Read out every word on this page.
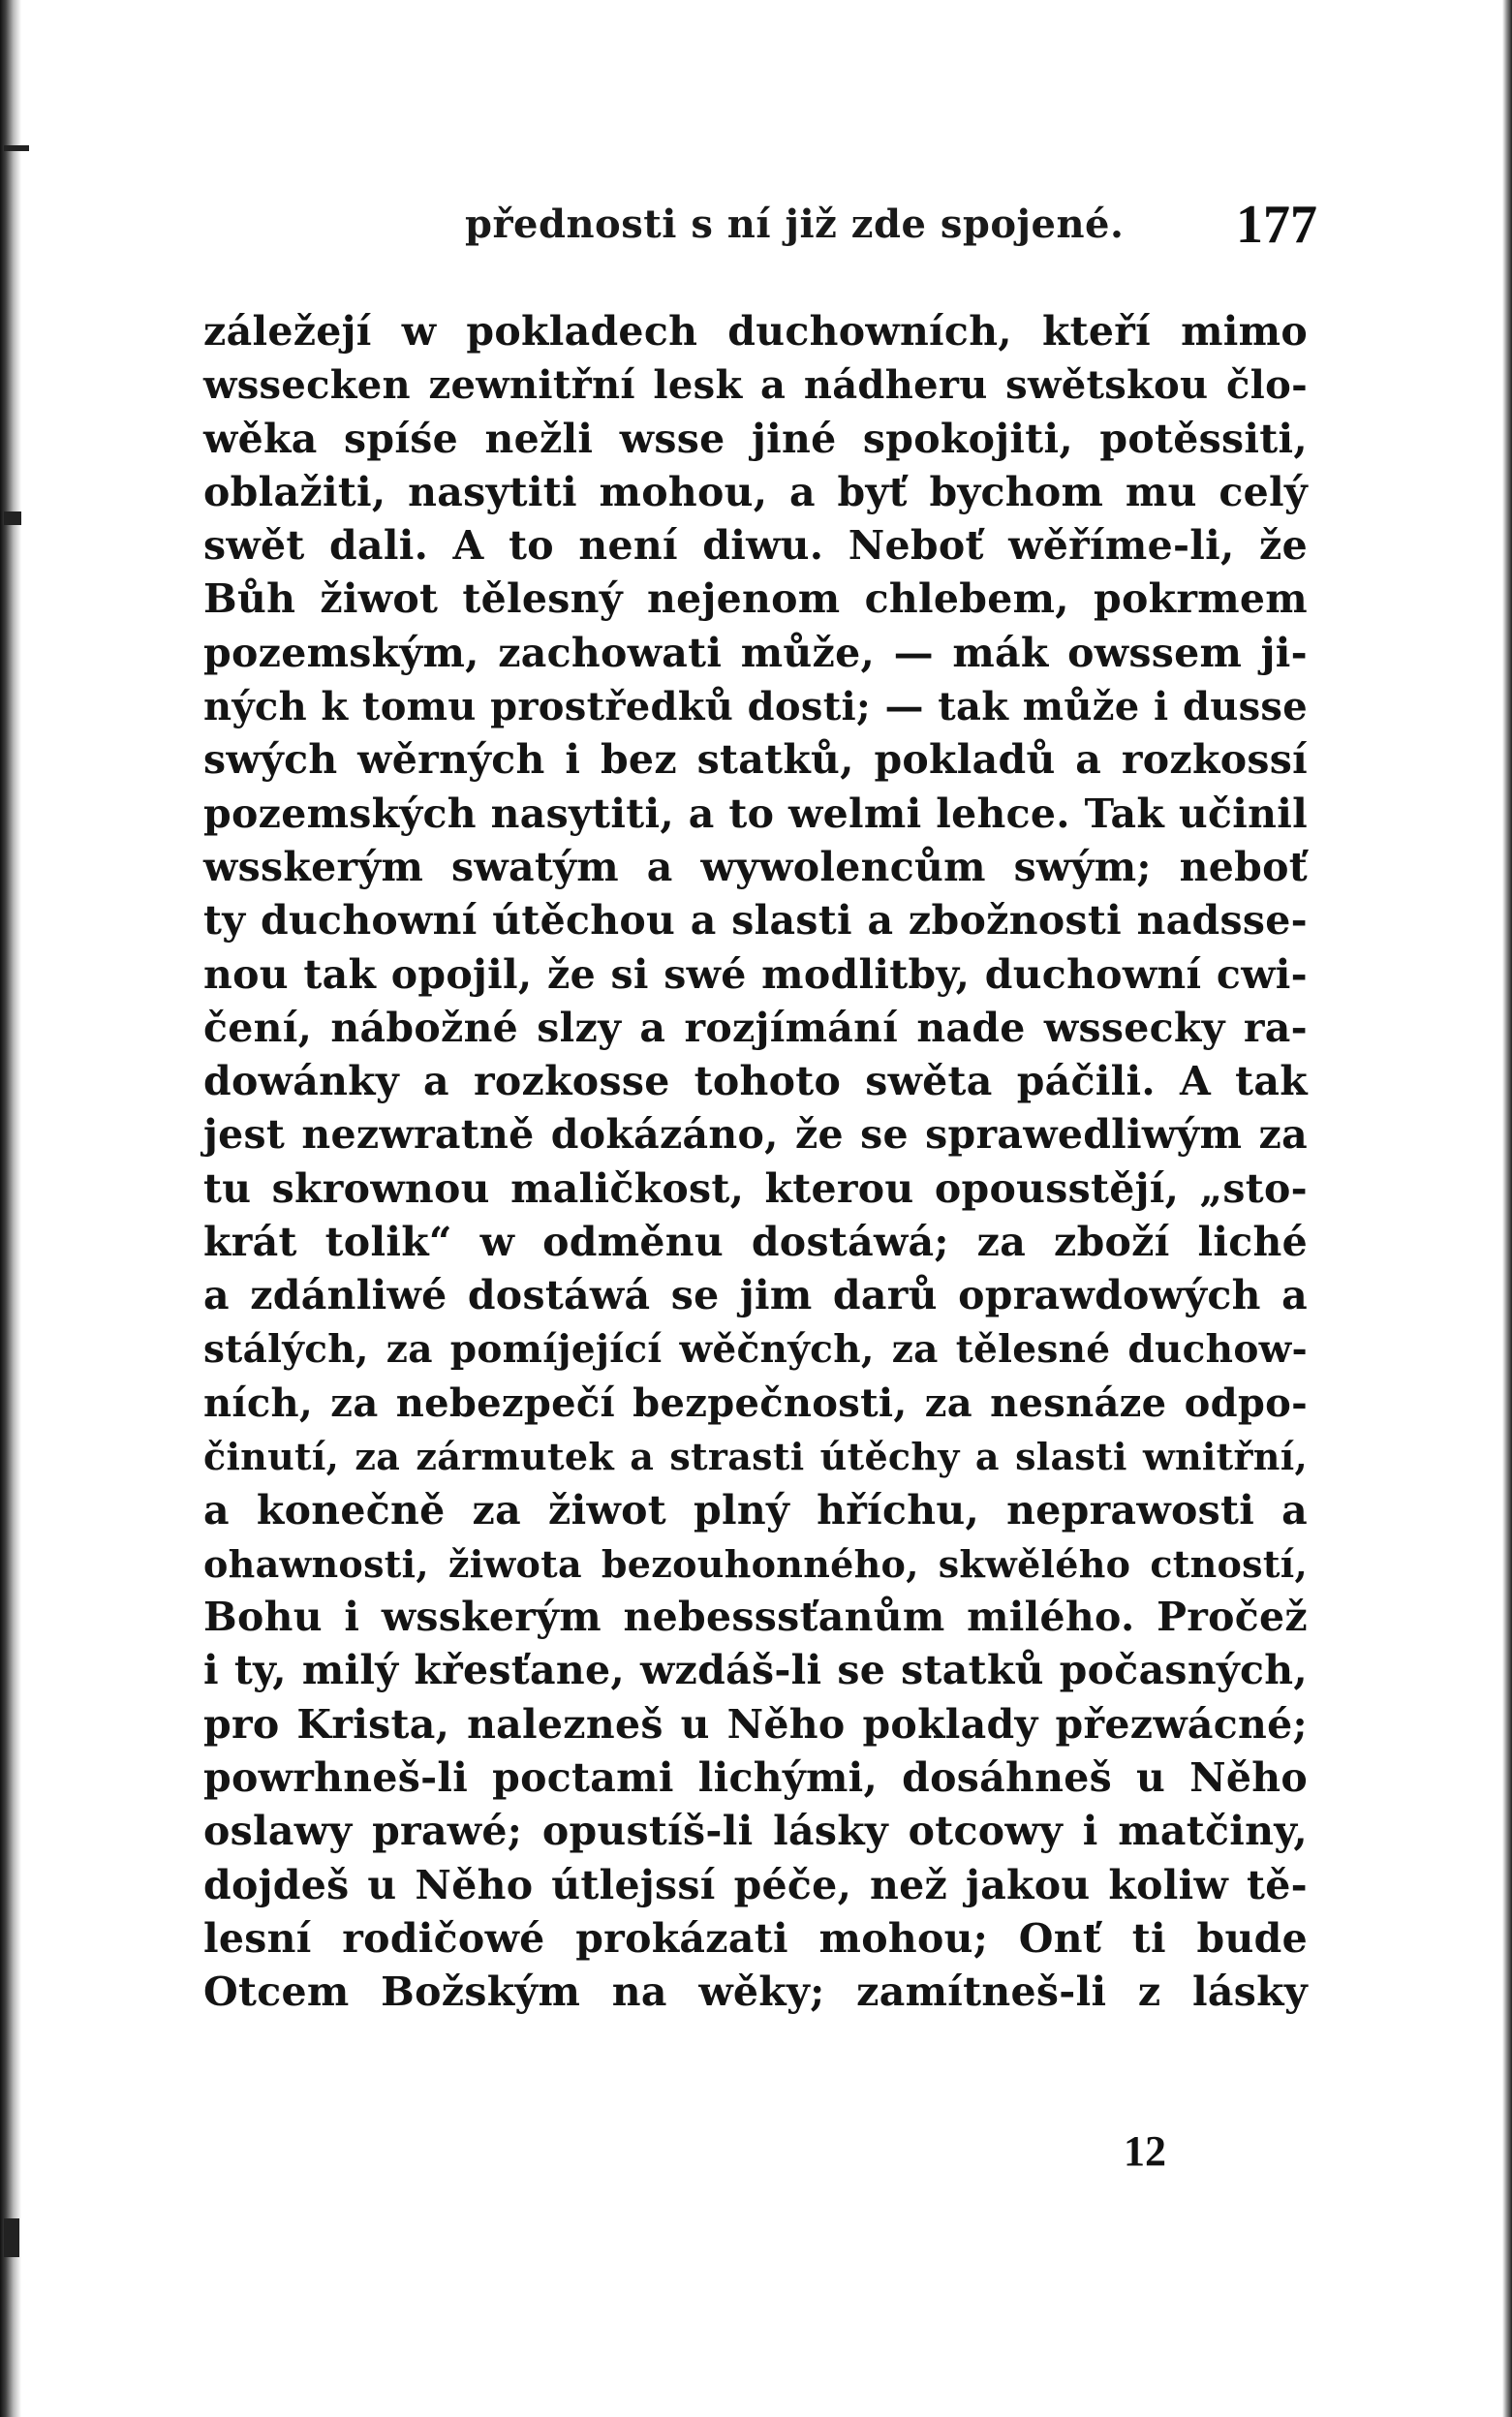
přednosti s ní již zde spojené. 177
záležejí w pokladech duchowních, kteří mimo
wssecken zewnitřní lesk a nádheru swětskou člo-
wěka spíśe nežli wsse jiné spokojiti, potěssiti,
oblažiti, nasytiti mohou, a byť bychom mu celý
swět dali. A to není diwu. Neboť wěříme-li, že
Bůh žiwot tělesný nejenom chlebem, pokrmem
pozemským, zachowati může, — mák owssem ji-
ných k tomu prostředků dosti; — tak může i dusse
swých wěrných i bez statků, pokladů a rozkossí
pozemských nasytiti, a to welmi lehce. Tak učinil
wsskerým swatým a wywolencům swým; neboť
ty duchowní útěchou a slasti a zbožnosti nadsse-
nou tak opojil, že si swé modlitby, duchowní cwi-
čení, nábožné slzy a rozjímání nade wssecky ra-
dowánky a rozkosse tohoto swěta páčili. A tak
jest nezwratně dokázáno, že se sprawedliwým za
tu skrownou maličkost, kterou opousstějí, „sto-
krát tolik“ w odměnu dostáwá; za zboží liché
a zdánliwé dostáwá se jim darů oprawdowých a
stálých, za pomíjející wěčných, za tělesné duchow-
ních, za nebezpečí bezpečnosti, za nesnáze odpo-
činutí, za zármutek a strasti útěchy a slasti wnitřní,
a konečně za žiwot plný hříchu, neprawosti a
ohawnosti, žiwota bezouhonného, skwělého ctností,
Bohu i wsskerým nebesssťanům milého. Pročež
i ty, milý křesťane, wzdáš-li se statků počasných,
pro Krista, nalezneš u Něho poklady přezwácné;
powrhneš-li poctami lichými, dosáhneš u Něho
oslawy prawé; opustíš-li lásky otcowy i matčiny,
dojdeš u Něho útlejssí péče, než jakou koliw tě-
lesní rodičowé prokázati mohou; Onť ti bude
Otcem Božským na wěky; zamítneš-li z lásky
12
